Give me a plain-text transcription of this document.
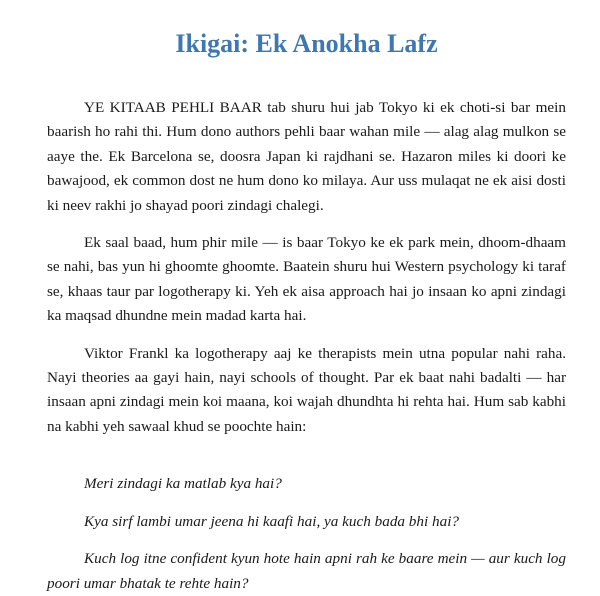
Ikigai: Ek Anokha Lafz

YE KITAAB PEHLI BAAR tab shuru hui jab Tokyo ki ek choti-si bar mein baarish ho rahi thi. Hum dono authors pehli baar wahan mile — alag alag mulkon se aaye the. Ek Barcelona se, doosra Japan ki rajdhani se. Hazaron miles ki doori ke bawajood, ek common dost ne hum dono ko milaya. Aur uss mulaqat ne ek aisi dosti ki neev rakhi jo shayad poori zindagi chalegi.

Ek saal baad, hum phir mile — is baar Tokyo ke ek park mein, dhoom-dhaam se nahi, bas yun hi ghoomte ghoomte. Baatein shuru hui Western psychology ki taraf se, khaas taur par logotherapy ki. Yeh ek aisa approach hai jo insaan ko apni zindagi ka maqsad dhundne mein madad karta hai.

Viktor Frankl ka logotherapy aaj ke therapists mein utna popular nahi raha. Nayi theories aa gayi hain, nayi schools of thought. Par ek baat nahi badalti — har insaan apni zindagi mein koi maana, koi wajah dhundhta hi rehta hai. Hum sab kabhi na kabhi yeh sawaal khud se poochte hain:

Meri zindagi ka matlab kya hai?

Kya sirf lambi umar jeena hi kaafi hai, ya kuch bada bhi hai?

Kuch log itne confident kyun hote hain apni rah ke baare mein — aur kuch log poori umar bhatak te rehte hain?
